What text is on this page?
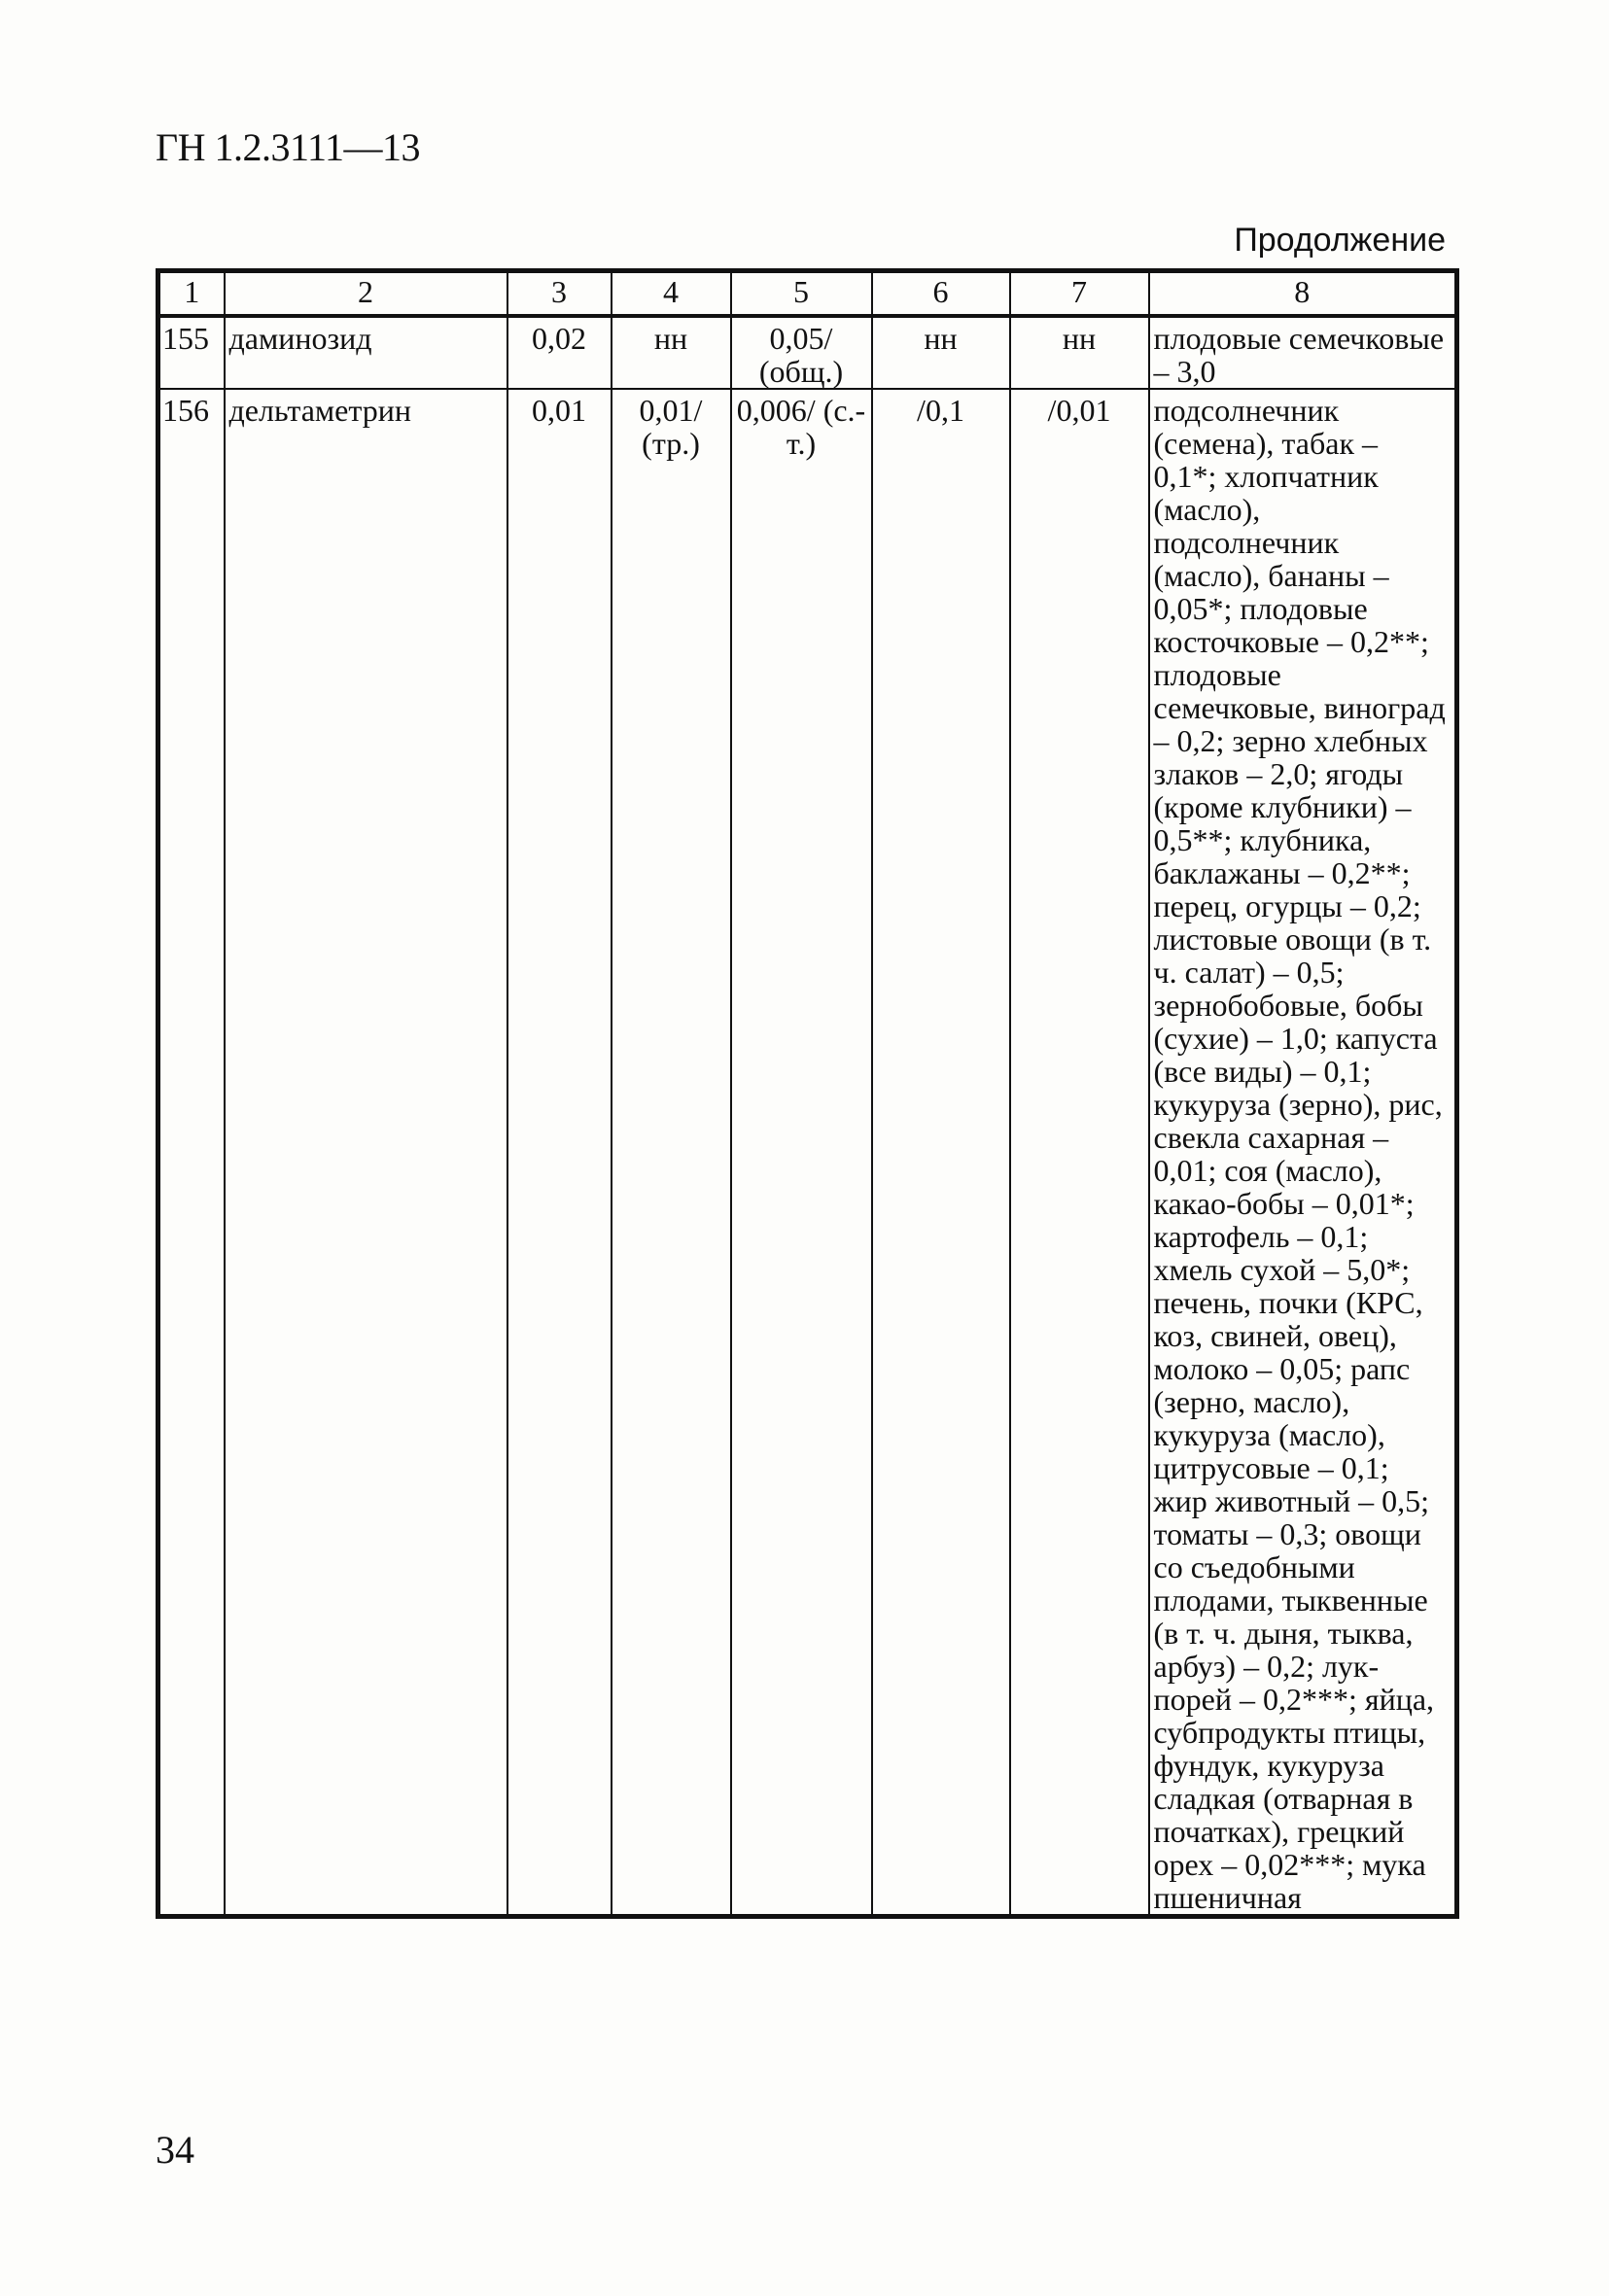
ГН 1.2.3111—13
Продолжение
1	2	3	4	5	6	7	8
155	даминозид	0,02	нн	0,05/ (общ.)	нн	нн	плодовые семечковые – 3,0
156	дельтаметрин	0,01	0,01/ (тр.)	0,006/ (с.-т.)	/0,1	/0,01	подсолнечник (семена), табак – 0,1*; хлопчатник (масло), подсолнечник (масло), бананы – 0,05*; плодовые косточковые – 0,2**; плодовые семечковые, виноград – 0,2; зерно хлебных злаков – 2,0; ягоды (кроме клубники) – 0,5**; клубника, баклажаны – 0,2**; перец, огурцы – 0,2; листовые овощи (в т. ч. салат) – 0,5; зернобобовые, бобы (сухие) – 1,0; капуста (все виды) – 0,1; кукуруза (зерно), рис, свекла сахарная – 0,01; соя (масло), какао-бобы – 0,01*; картофель – 0,1; хмель сухой – 5,0*; печень, почки (КРС, коз, свиней, овец), молоко – 0,05; рапс (зерно, масло), кукуруза (масло), цитрусовые – 0,1; жир животный – 0,5; томаты – 0,3; овощи со съедобными плодами, тыквенные (в т. ч. дыня, тыква, арбуз) – 0,2; лук-порей – 0,2***; яйца, субпродукты птицы, фундук, кукуруза сладкая (отварная в початках), грецкий орех – 0,02***; мука пшеничная
34
